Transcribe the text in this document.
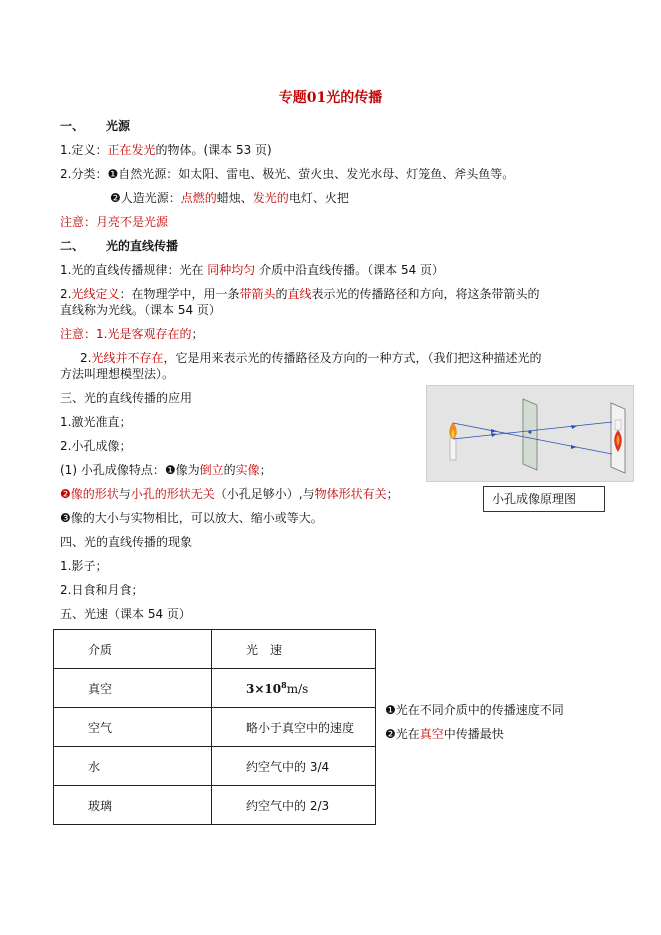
专题01光的传播
一、 光源
1.定义：正在发光的物体。(课本 53 页)
2.分类：❶自然光源：如太阳、雷电、极光、萤火虫、发光水母、灯笼鱼、斧头鱼等。
❷人造光源：点燃的蜡烛、发光的电灯、火把
注意：月亮不是光源
二、 光的直线传播
1.光的直线传播规律：光在 同种均匀 介质中沿直线传播。（课本 54 页）
2.光线定义：在物理学中，用一条带箭头的直线表示光的传播路径和方向，将这条带箭头的
直线称为光线。（课本 54 页）
注意：1.光是客观存在的；
2.光线并不存在，它是用来表示光的传播路径及方向的一种方式，（我们把这种描述光的
方法叫理想模型法）。
三、光的直线传播的应用
1.激光准直；
2.小孔成像；
(1) 小孔成像特点：❶像为倒立的实像；
❷像的形状与小孔的形状无关（小孔足够小）,与物体形状有关；
❸像的大小与实物相比，可以放大、缩小或等大。
小孔成像原理图
四、光的直线传播的现象
1.影子；
2.日食和月食；
五、光速（课本 54 页）
介质	光　速
真空	$3\times 10^8m/s$
空气	略小于真空中的速度
水	约空气中的 3/4
玻璃	约空气中的 2/3
❶光在不同介质中的传播速度不同
❷光在真空中传播最快
